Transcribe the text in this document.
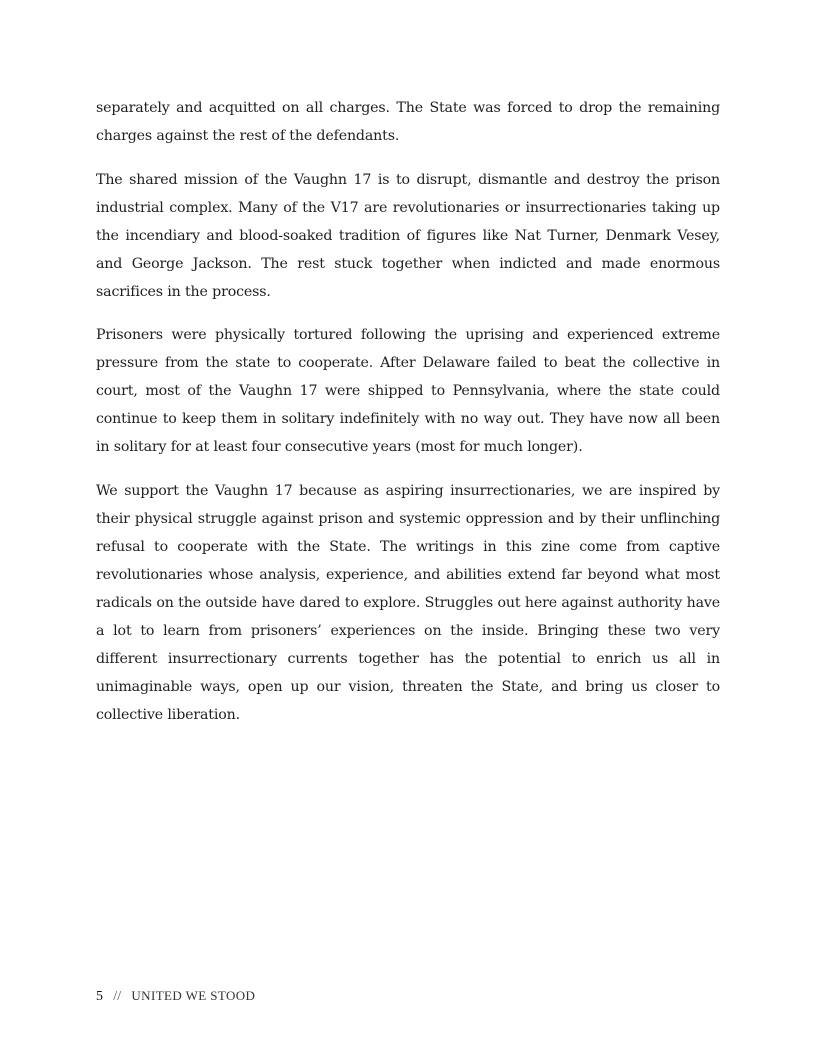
separately and acquitted on all charges. The State was forced to drop the remaining charges against the rest of the defendants.

The shared mission of the Vaughn 17 is to disrupt, dismantle and destroy the prison industrial complex. Many of the V17 are revolutionaries or insurrectionaries taking up the incendiary and blood-soaked tradition of figures like Nat Turner, Denmark Vesey, and George Jackson. The rest stuck together when indicted and made enormous sacrifices in the process.

Prisoners were physically tortured following the uprising and experienced extreme pressure from the state to cooperate. After Delaware failed to beat the collective in court, most of the Vaughn 17 were shipped to Pennsylvania, where the state could continue to keep them in solitary indefinitely with no way out. They have now all been in solitary for at least four consecutive years (most for much longer).

We support the Vaughn 17 because as aspiring insurrectionaries, we are inspired by their physical struggle against prison and systemic oppression and by their unflinching refusal to cooperate with the State. The writings in this zine come from captive revolutionaries whose analysis, experience, and abilities extend far beyond what most radicals on the outside have dared to explore. Struggles out here against authority have a lot to learn from prisoners’ experiences on the inside. Bringing these two very different insurrectionary currents together has the potential to enrich us all in unimaginable ways, open up our vision, threaten the State, and bring us closer to collective liberation.

5 // UNITED WE STOOD
